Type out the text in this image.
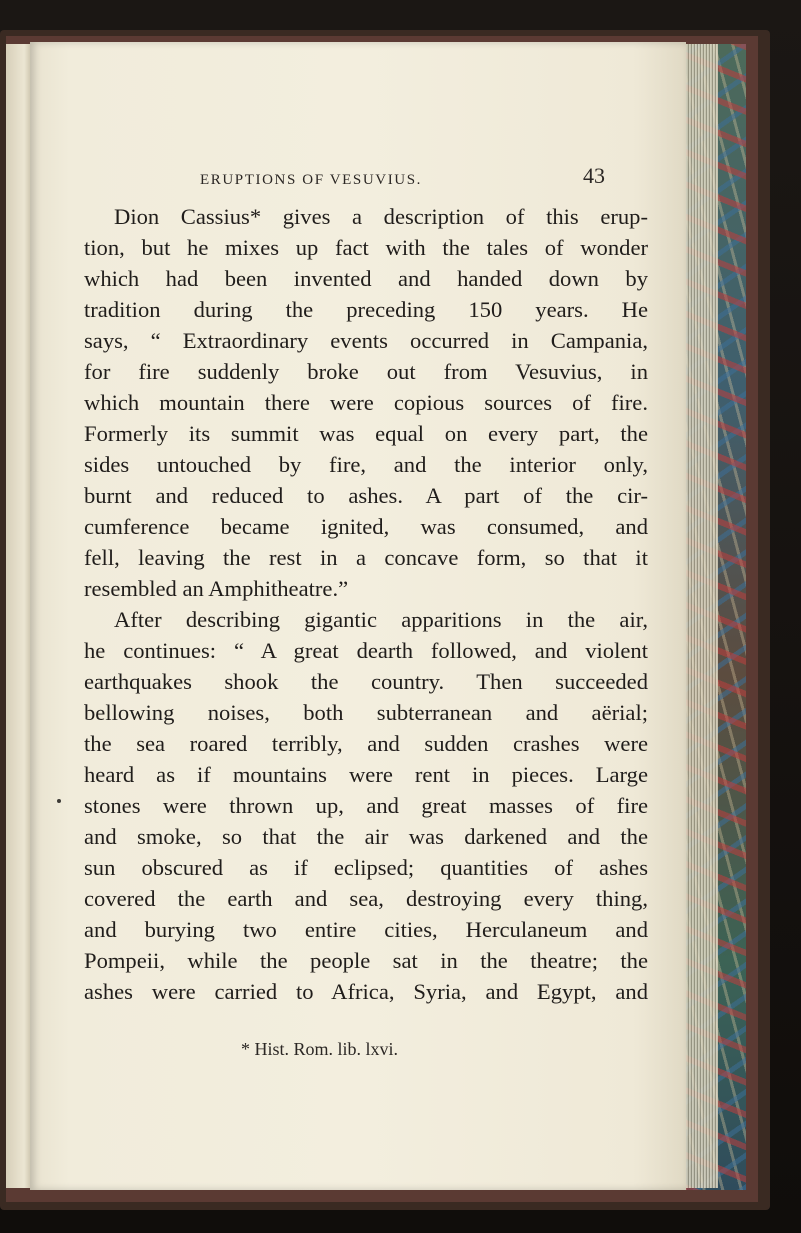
ERUPTIONS OF VESUVIUS.	43
Dion Cassius* gives a description of this erup-
tion, but he mixes up fact with the tales of wonder
which had been invented and handed down by
tradition during the preceding 150 years. He
says, “ Extraordinary events occurred in Campania,
for fire suddenly broke out from Vesuvius, in
which mountain there were copious sources of fire.
Formerly its summit was equal on every part, the
sides untouched by fire, and the interior only,
burnt and reduced to ashes. A part of the cir-
cumference became ignited, was consumed, and
fell, leaving the rest in a concave form, so that it
resembled an Amphitheatre.”
After describing gigantic apparitions in the air,
he continues: “ A great dearth followed, and violent
earthquakes shook the country. Then succeeded
bellowing noises, both subterranean and aërial;
the sea roared terribly, and sudden crashes were
heard as if mountains were rent in pieces. Large
stones were thrown up, and great masses of fire
and smoke, so that the air was darkened and the
sun obscured as if eclipsed; quantities of ashes
covered the earth and sea, destroying every thing,
and burying two entire cities, Herculaneum and
Pompeii, while the people sat in the theatre; the
ashes were carried to Africa, Syria, and Egypt, and
* Hist. Rom. lib. lxvi.
